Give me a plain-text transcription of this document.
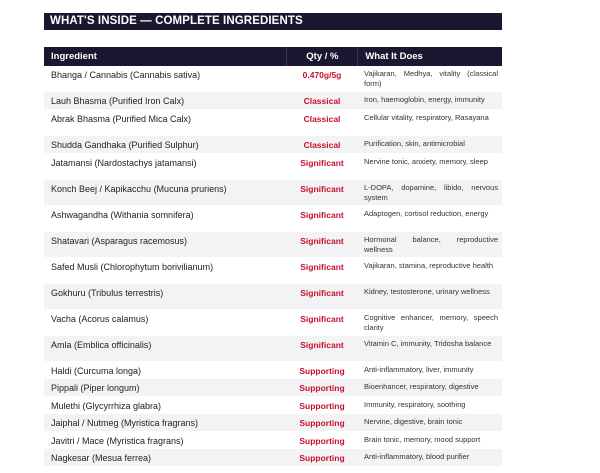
WHAT'S INSIDE — COMPLETE INGREDIENTS
Ingredient	Qty / %	What It Does
Bhanga / Cannabis (Cannabis sativa)	0.470g/5g	Vajikaran, Medhya, vitality (classical form)
Lauh Bhasma (Purified Iron Calx)	Classical	Iron, haemoglobin, energy, immunity
Abrak Bhasma (Purified Mica Calx)	Classical	Cellular vitality, respiratory, Rasayana
Shudda Gandhaka (Purified Sulphur)	Classical	Purification, skin, antimicrobial
Jatamansi (Nardostachys jatamansi)	Significant	Nervine tonic, anxiety, memory, sleep
Konch Beej / Kapikacchu (Mucuna pruriens)	Significant	L-DOPA, dopamine, libido, nervous system
Ashwagandha (Withania somnifera)	Significant	Adaptogen, cortisol reduction, energy
Shatavari (Asparagus racemosus)	Significant	Hormonal balance, reproductive wellness
Safed Musli (Chlorophytum borivilianum)	Significant	Vajikaran, stamina, reproductive health
Gokhuru (Tribulus terrestris)	Significant	Kidney, testosterone, urinary wellness
Vacha (Acorus calamus)	Significant	Cognitive enhancer, memory, speech clarity
Amla (Emblica officinalis)	Significant	Vitamin C, immunity, Tridosha balance
Haldi (Curcuma longa)	Supporting	Anti-inflammatory, liver, immunity
Pippali (Piper longum)	Supporting	Bioenhancer, respiratory, digestive
Mulethi (Glycyrrhiza glabra)	Supporting	Immunity, respiratory, soothing
Jaiphal / Nutmeg (Myristica fragrans)	Supporting	Nervine, digestive, brain tonic
Javitri / Mace (Myristica fragrans)	Supporting	Brain tonic, memory, mood support
Nagkesar (Mesua ferrea)	Supporting	Anti-inflammatory, blood purifier
